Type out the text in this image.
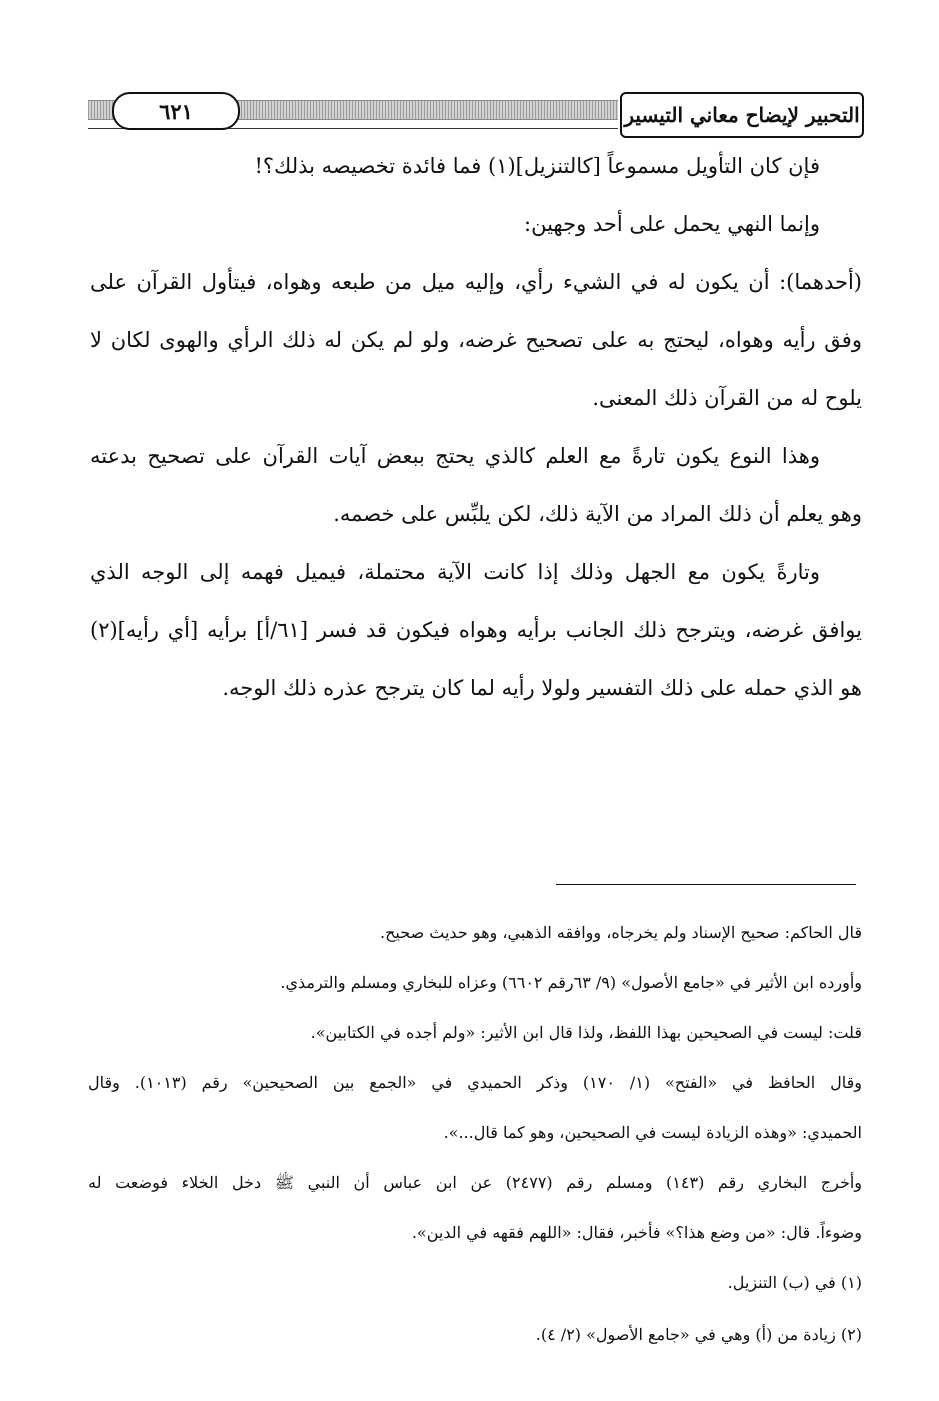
٦٢١	التحبير لإيضاح معاني التيسير
فإن كان التأويل مسموعاً [كالتنزيل](١) فما فائدة تخصيصه بذلك؟!
وإنما النهي يحمل على أحد وجهين:
(أحدهما): أن يكون له في الشيء رأي، وإليه ميل من طبعه وهواه، فيتأول القرآن على
وفق رأيه وهواه، ليحتج به على تصحيح غرضه، ولو لم يكن له ذلك الرأي والهوى لكان لا
يلوح له من القرآن ذلك المعنى.
وهذا النوع يكون تارةً مع العلم كالذي يحتج ببعض آيات القرآن على تصحيح بدعته
وهو يعلم أن ذلك المراد من الآية ذلك، لكن يلبِّس على خصمه.
وتارةً يكون مع الجهل وذلك إذا كانت الآية محتملة، فيميل فهمه إلى الوجه الذي
يوافق غرضه، ويترجح ذلك الجانب برأيه وهواه فيكون قد فسر [٦١/أ] برأيه [أي رأيه](٢)
هو الذي حمله على ذلك التفسير ولولا رأيه لما كان يترجح عذره ذلك الوجه.
قال الحاكم: صحيح الإسناد ولم يخرجاه، ووافقه الذهبي، وهو حديث صحيح.
وأورده ابن الأثير في «جامع الأصول» (٩/ ٦٣رقم ٦٦٠٢) وعزاه للبخاري ومسلم والترمذي.
قلت: ليست في الصحيحين بهذا اللفظ، ولذا قال ابن الأثير: «ولم أجده في الكتابين».
وقال الحافظ في «الفتح» (١/ ١٧٠) وذكر الحميدي في «الجمع بين الصحيحين» رقم (١٠١٣). وقال
الحميدي: «وهذه الزيادة ليست في الصحيحين، وهو كما قال...».
وأخرج البخاري رقم (١٤٣) ومسلم رقم (٢٤٧٧) عن ابن عباس أن النبي ﷺ دخل الخلاء فوضعت له
وضوءاً. قال: «من وضع هذا؟» فأخبر، فقال: «اللهم فقهه في الدين».
(١) في (ب) التنزيل.
(٢) زيادة من (أ) وهي في «جامع الأصول» (٢/ ٤).
